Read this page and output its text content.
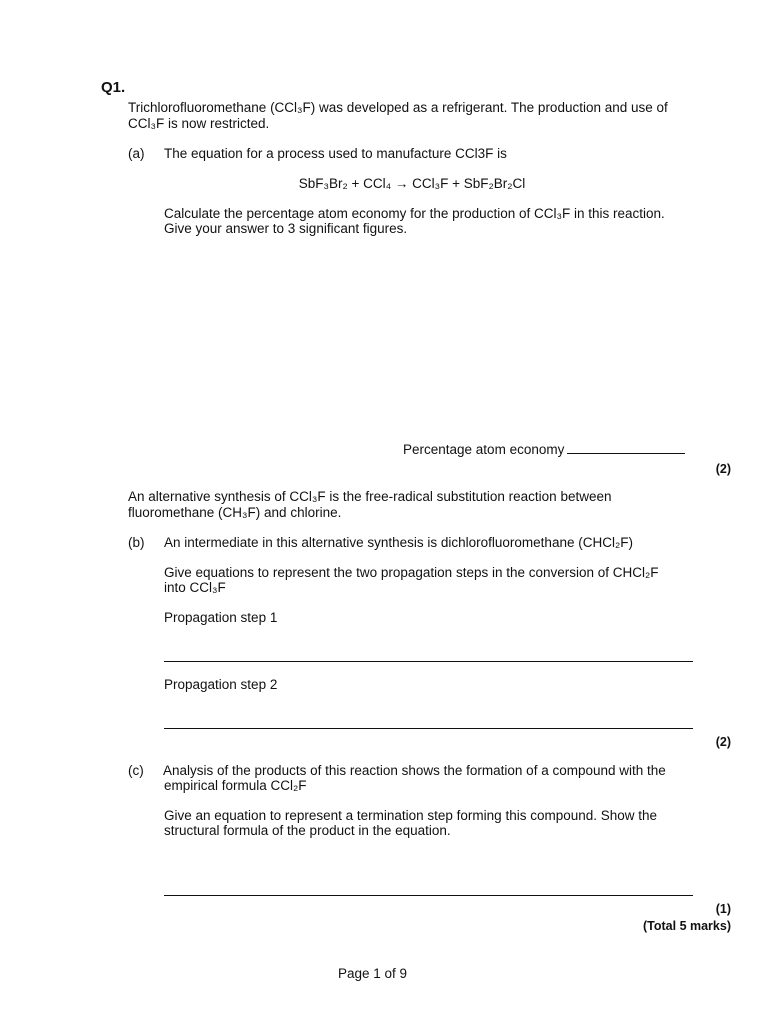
Q1.
Trichlorofluoromethane (CCl₃F) was developed as a refrigerant. The production and use of
CCl₃F is now restricted.
(a) The equation for a process used to manufacture CCl3F is
SbF₃Br₂ + CCl₄ → CCl₃F + SbF₂Br₂Cl
Calculate the percentage atom economy for the production of CCl₃F in this reaction.
Give your answer to 3 significant figures.
Percentage atom economy
(2)
An alternative synthesis of CCl₃F is the free-radical substitution reaction between
fluoromethane (CH₃F) and chlorine.
(b) An intermediate in this alternative synthesis is dichlorofluoromethane (CHCl₂F)
Give equations to represent the two propagation steps in the conversion of CHCl₂F
into CCl₃F
Propagation step 1
Propagation step 2
(2)
(c) Analysis of the products of this reaction shows the formation of a compound with the
empirical formula CCl₂F
Give an equation to represent a termination step forming this compound. Show the
structural formula of the product in the equation.
(1)
(Total 5 marks)
Page 1 of 9
